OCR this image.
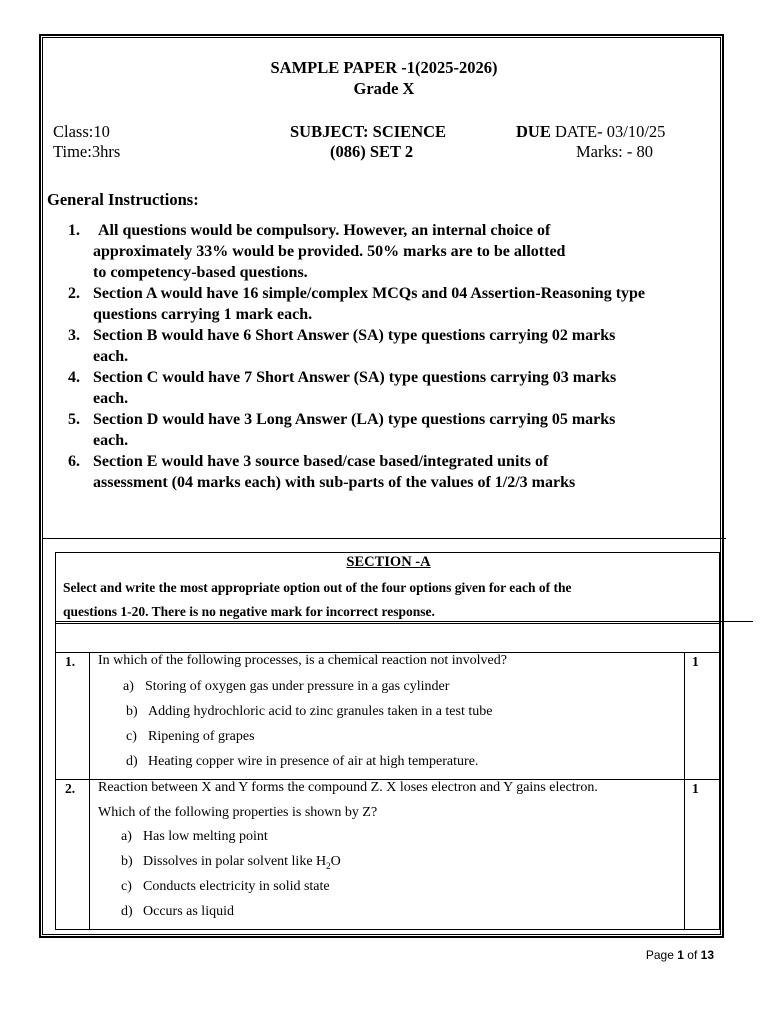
SAMPLE PAPER -1(2025-2026)
Grade X
Class:10
Time:3hrs
SUBJECT: SCIENCE
(086) SET 2
DUE DATE- 03/10/25
Marks: - 80
General Instructions:
1. All questions would be compulsory. However, an internal choice of
approximately 33% would be provided. 50% marks are to be allotted
to competency-based questions.
2. Section A would have 16 simple/complex MCQs and 04 Assertion-Reasoning type
questions carrying 1 mark each.
3. Section B would have 6 Short Answer (SA) type questions carrying 02 marks
each.
4. Section C would have 7 Short Answer (SA) type questions carrying 03 marks
each.
5. Section D would have 3 Long Answer (LA) type questions carrying 05 marks
each.
6. Section E would have 3 source based/case based/integrated units of
assessment (04 marks each) with sub-parts of the values of 1/2/3 marks
SECTION -A
Select and write the most appropriate option out of the four options given for each of the
questions 1-20. There is no negative mark for incorrect response.
1. In which of the following processes, is a chemical reaction not involved?	1
a) Storing of oxygen gas under pressure in a gas cylinder
b) Adding hydrochloric acid to zinc granules taken in a test tube
c) Ripening of grapes
d) Heating copper wire in presence of air at high temperature.
2. Reaction between X and Y forms the compound Z. X loses electron and Y gains electron.
Which of the following properties is shown by Z?
1
a) Has low melting point
b) Dissolves in polar solvent like $H_2O$
c) Conducts electricity in solid state
d) Occurs as liquid
Page 1 of 13
